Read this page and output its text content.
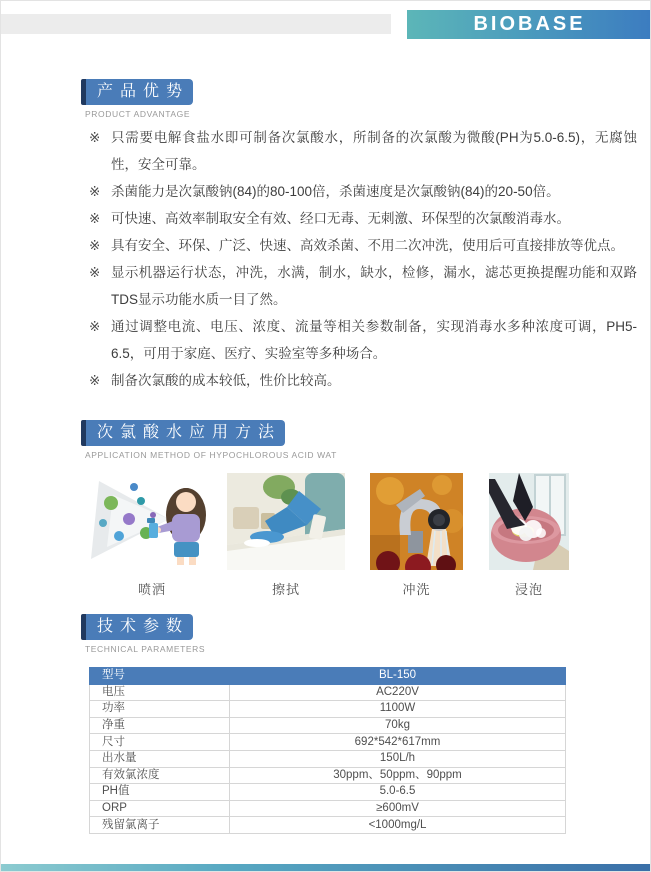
BIOBASE
产品优势
PRODUCT ADVANTAGE
※ 只需要电解食盐水即可制备次氯酸水，所制备的次氯酸为微酸(PH为5.0-6.5)，无腐蚀性，安全可靠。
※ 杀菌能力是次氯酸钠(84)的80-100倍，杀菌速度是次氯酸钠(84)的20-50倍。
※ 可快速、高效率制取安全有效、经口无毒、无刺激、环保型的次氯酸消毒水。
※ 具有安全、环保、广泛、快速、高效杀菌、不用二次冲洗，使用后可直接排放等优点。
※ 显示机器运行状态，冲洗，水满，制水，缺水，检修，漏水，滤芯更换提醒功能和双路TDS显示功能水质一目了然。
※ 通过调整电流、电压、浓度、流量等相关参数制备，实现消毒水多种浓度可调，PH5-6.5，可用于家庭、医疗、实验室等多种场合。
※ 制备次氯酸的成本较低，性价比较高。
次氯酸水应用方法
APPLICATION METHOD OF HYPOCHLOROUS ACID WAT
喷洒	擦拭	冲洗	浸泡
技术参数
TECHNICAL PARAMETERS
型号	BL-150
电压	AC220V
功率	1100W
净重	70kg
尺寸	692*542*617mm
出水量	150L/h
有效氯浓度	30ppm、50ppm、90ppm
PH值	5.0-6.5
ORP	≥600mV
残留氯离子	<1000mg/L
